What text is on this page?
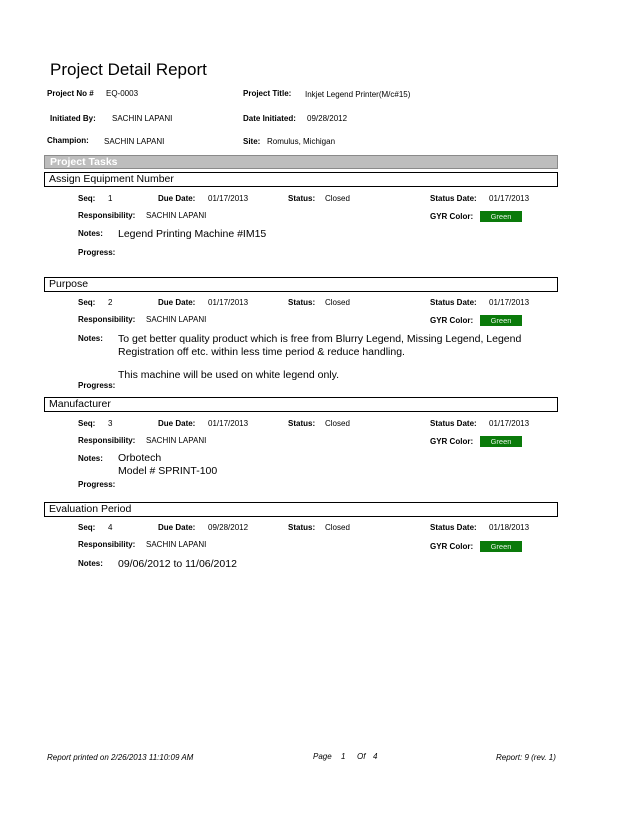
Project Detail Report
Project No # EQ-0003	Project Title: Inkjet Legend Printer(M/c#15)
Initiated By: SACHIN LAPANI	Date Initiated: 09/28/2012
Champion: SACHIN LAPANI	Site: Romulus, Michigan
Project Tasks
Assign Equipment Number
Seq: 1	Due Date: 01/17/2013	Status: Closed	Status Date: 01/17/2013
Responsibility: SACHIN LAPANI	GYR Color:	Green
Notes: Legend Printing Machine #IM15
Progress:
Purpose
Seq: 2	Due Date: 01/17/2013	Status: Closed	Status Date: 01/17/2013
Responsibility: SACHIN LAPANI	GYR Color:	Green
Notes: To get better quality product which is free from Blurry Legend, Missing Legend, Legend
Registration off etc. within less time period & reduce handling.
This machine will be used on white legend only.
Progress:
Manufacturer
Seq: 3	Due Date: 01/17/2013	Status: Closed	Status Date: 01/17/2013
Responsibility: SACHIN LAPANI	GYR Color:	Green
Notes: Orbotech
Model # SPRINT-100
Progress:
Evaluation Period
Seq: 4	Due Date: 09/28/2012	Status: Closed	Status Date: 01/18/2013
Responsibility: SACHIN LAPANI	GYR Color:	Green
Notes: 09/06/2012 to 11/06/2012
Report printed on 2/26/2013 11:10:09 AM	Page 1 Of 4	Report: 9 (rev. 1)
